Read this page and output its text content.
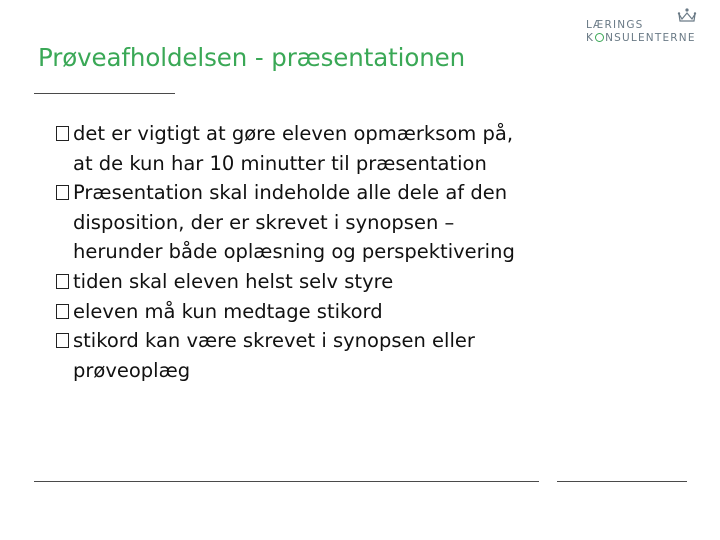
Prøveafholdelsen - præsentationen
LÆRINGS
K NSULENTERNE
det er vigtigt at gøre eleven opmærksom på,
at de kun har 10 minutter til præsentation
Præsentation skal indeholde alle dele af den
disposition, der er skrevet i synopsen –
herunder både oplæsning og perspektivering
tiden skal eleven helst selv styre
eleven må kun medtage stikord
stikord kan være skrevet i synopsen eller
prøveoplæg
